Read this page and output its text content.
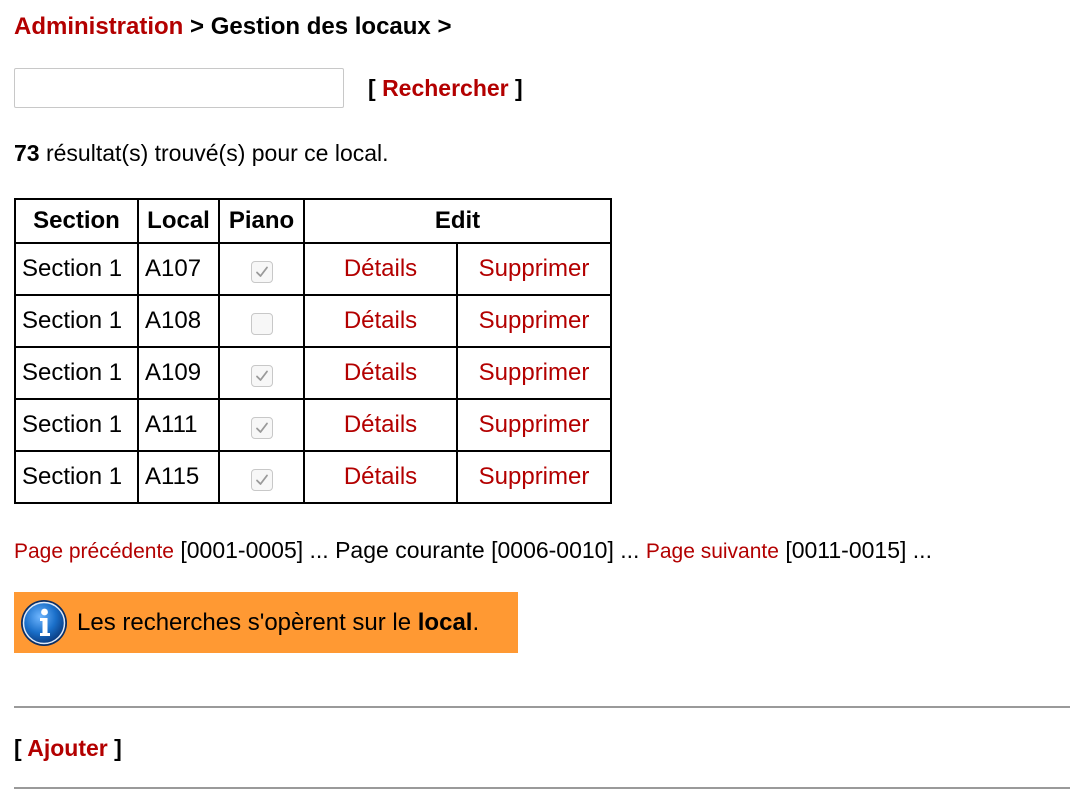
Administration > Gestion des locaux >
[ Rechercher ]
73 résultat(s) trouvé(s) pour ce local.
Section	Local	Piano	Edit	
Section 1	A107		Détails	Supprimer
Section 1	A108		Détails	Supprimer
Section 1	A109		Détails	Supprimer
Section 1	A111		Détails	Supprimer
Section 1	A115		Détails	Supprimer
Page précédente [0001-0005] ... Page courante [0006-0010] ... Page suivante [0011-0015] ...
Les recherches s'opèrent sur le local.
[ Ajouter ]
